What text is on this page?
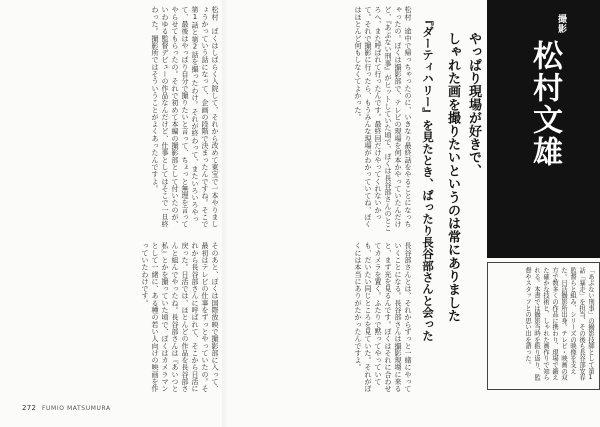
松村　ぼくはしばらく入院して、それから改めて東宝で一本やりましょうかっていう話になって、企画の段階で決まったんですね。そこで第1話と第2話を撮ったわけ。それが終わって、またいろいろやって、最後はやっぱり自分で撮りたいと言って、ちょっと無理を言ってやらせてもらったの。それで初めて本編の撮影部として付いたのが、いわゆる監督デビューの作品なんだけど、仕事としてはそこで一旦終わった。撮影所ではそういうことがよくあったんですよ。

そのあと、ぼくは国際放映で撮影部に入って、最初はテレビの仕事をずっとやっていたの。それから長谷部さんに呼ばれて、そこから日活に戻った。日活では、ほとんどの作品を長谷部さんと組んでやったね。長谷部さんは『あいつと私』とかを撮っていた頃で、ぼくはカメラマンとして一緒に、ある種の若い人向けの映画を作っていたわけです。

松村　途中で帰っちゃったのに、いきなり最終話をやることになっちゃったの。ぼくは撮影部で、テレビの現場を何本かやっていたんだけど、『あぶない刑事』がヒットしていた頃で、ぼくは長谷部さんのところへ、また呼ばれて行ったんです。最終回だけやってくれないかって。それで撮影に行ったら、もうみんな現場がわかっていてね、ぼくはほとんど何もしなくてよかった。

長谷部さんとは、それからずっと一緒にやっていくことになる。長谷部さんは撮影現場に来ると、まず光を見るんです。ぼくはそれに合わせてカメラを置く。ふたりで黙ってやっていても、だいたい同じところを見ていた。それがぼくには本当にありがたかったんですよ。	『ダーティハリー』を見たとき、ぱったり長谷部さんと会った やっぱり現場が好きで、
しゃれた画を撮りたいというのは常にありました
撮影
松村文雄
「あぶない刑事」の撮影技師として第1話「暴走」を担当、その後も長谷部安春監督らと組み、シリーズの映像を支えた。日活撮影所出身。テレビ・映画の双方で数多くの作品に携わり、現場で鍛えた確かな技術と、しゃれた画作りで知られる。本書では撮影当時を振り返り、監督やスタッフとの思い出を語った。
272 FUMIO MATSUMURA
